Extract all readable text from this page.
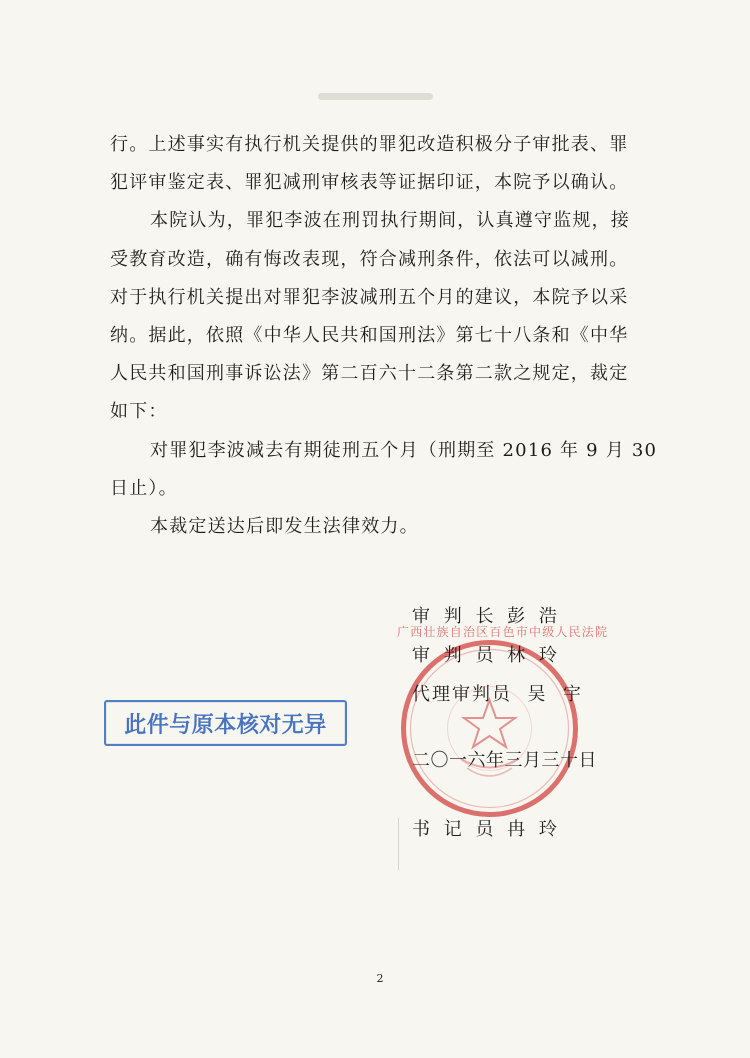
行。上述事实有执行机关提供的罪犯改造积极分子审批表、罪
犯评审鉴定表、罪犯减刑审核表等证据印证，本院予以确认。
本院认为，罪犯李波在刑罚执行期间，认真遵守监规，接
受教育改造，确有悔改表现，符合减刑条件，依法可以减刑。
对于执行机关提出对罪犯李波减刑五个月的建议，本院予以采
纳。据此，依照《中华人民共和国刑法》第七十八条和《中华
人民共和国刑事诉讼法》第二百六十二条第二款之规定，裁定
如下：
对罪犯李波减去有期徒刑五个月（刑期至 2016 年 9 月 30
日止）。
本裁定送达后即发生法律效力。
审 判 长 彭 浩
审 判 员 林 玲
代理审判员  吴  宇
二〇一六年三月三十日
书 记 员 冉 玲
此件与原本核对无异
广西壮族自治区百色市中级人民法院
2
